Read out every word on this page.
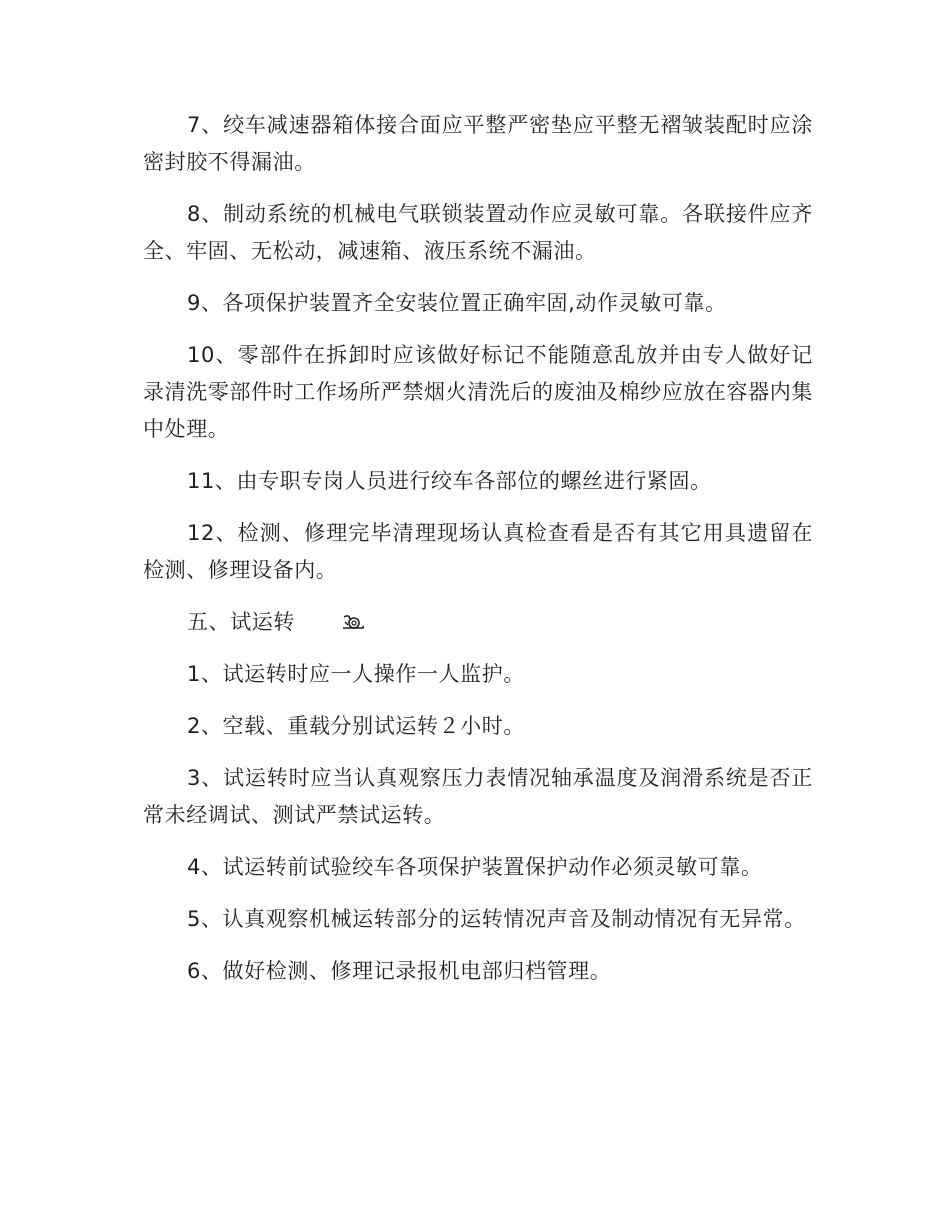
7、绞车减速器箱体接合面应平整严密垫应平整无褶皱装配时应涂密封胶不得漏油。

8、制动系统的机械电气联锁装置动作应灵敏可靠。各联接件应齐全、牢固、无松动，减速箱、液压系统不漏油。

9、各项保护装置齐全安装位置正确牢固,动作灵敏可靠。

10、零部件在拆卸时应该做好标记不能随意乱放并由专人做好记录清洗零部件时工作场所严禁烟火清洗后的废油及棉纱应放在容器内集中处理。

11、由专职专岗人员进行绞车各部位的螺丝进行紧固。

12、检测、修理完毕清理现场认真检查看是否有其它用具遗留在检测、修理设备内。

五、试运转

1、试运转时应一人操作一人监护。

2、空载、重载分别试运转２小时。

3、试运转时应当认真观察压力表情况轴承温度及润滑系统是否正常未经调试、测试严禁试运转。

4、试运转前试验绞车各项保护装置保护动作必须灵敏可靠。

5、认真观察机械运转部分的运转情况声音及制动情况有无异常。

6、做好检测、修理记录报机电部归档管理。
